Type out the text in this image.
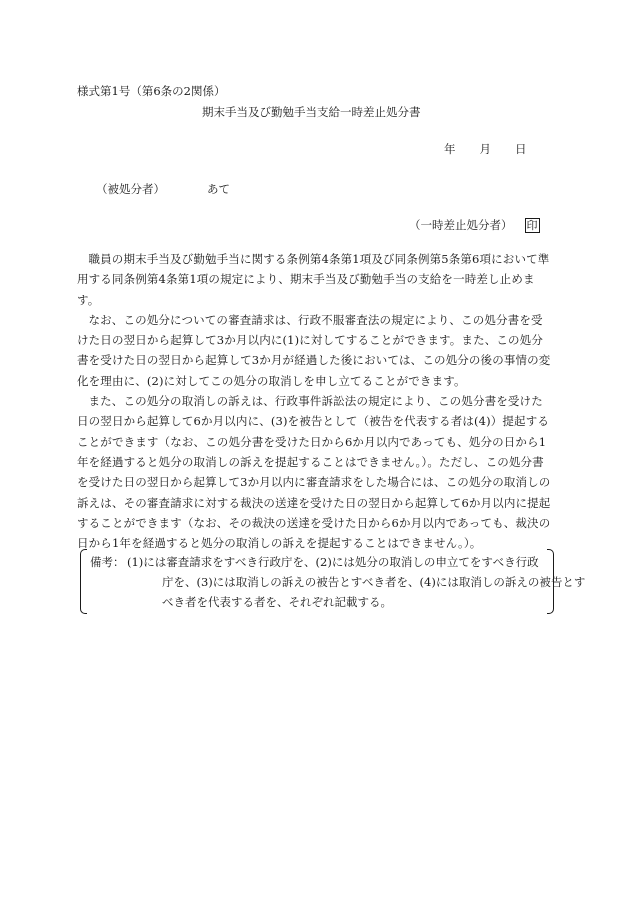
様式第1号（第6条の2関係）
期末手当及び勤勉手当支給一時差止処分書
年 月 日
（被処分者）	あて
（一時差止処分者） 印

職員の期末手当及び勤勉手当に関する条例第4条第1項及び同条例第5条第6項において準用する同条例第4条第1項の規定により、期末手当及び勤勉手当の支給を一時差し止めます。

なお、この処分についての審査請求は、行政不服審査法の規定により、この処分書を受けた日の翌日から起算して3か月以内に(1)に対してすることができます。また、この処分書を受けた日の翌日から起算して3か月が経過した後においては、この処分の後の事情の変化を理由に、(2)に対してこの処分の取消しを申し立てることができます。

また、この処分の取消しの訴えは、行政事件訴訟法の規定により、この処分書を受けた日の翌日から起算して6か月以内に、(3)を被告として（被告を代表する者は(4)）提起することができます（なお、この処分書を受けた日から6か月以内であっても、処分の日から1年を経過すると処分の取消しの訴えを提起することはできません。）。ただし、この処分書を受けた日の翌日から起算して3か月以内に審査請求をした場合には、この処分の取消しの訴えは、その審査請求に対する裁決の送達を受けた日の翌日から起算して6か月以内に提起することができます（なお、その裁決の送達を受けた日から6か月以内であっても、裁決の日から1年を経過すると処分の取消しの訴えを提起することはできません。）。

備考： (1)には審査請求をすべき行政庁を、(2)には処分の取消しの申立てをすべき行政
庁を、(3)には取消しの訴えの被告とすべき者を、(4)には取消しの訴えの被告とす
べき者を代表する者を、それぞれ記載する。
